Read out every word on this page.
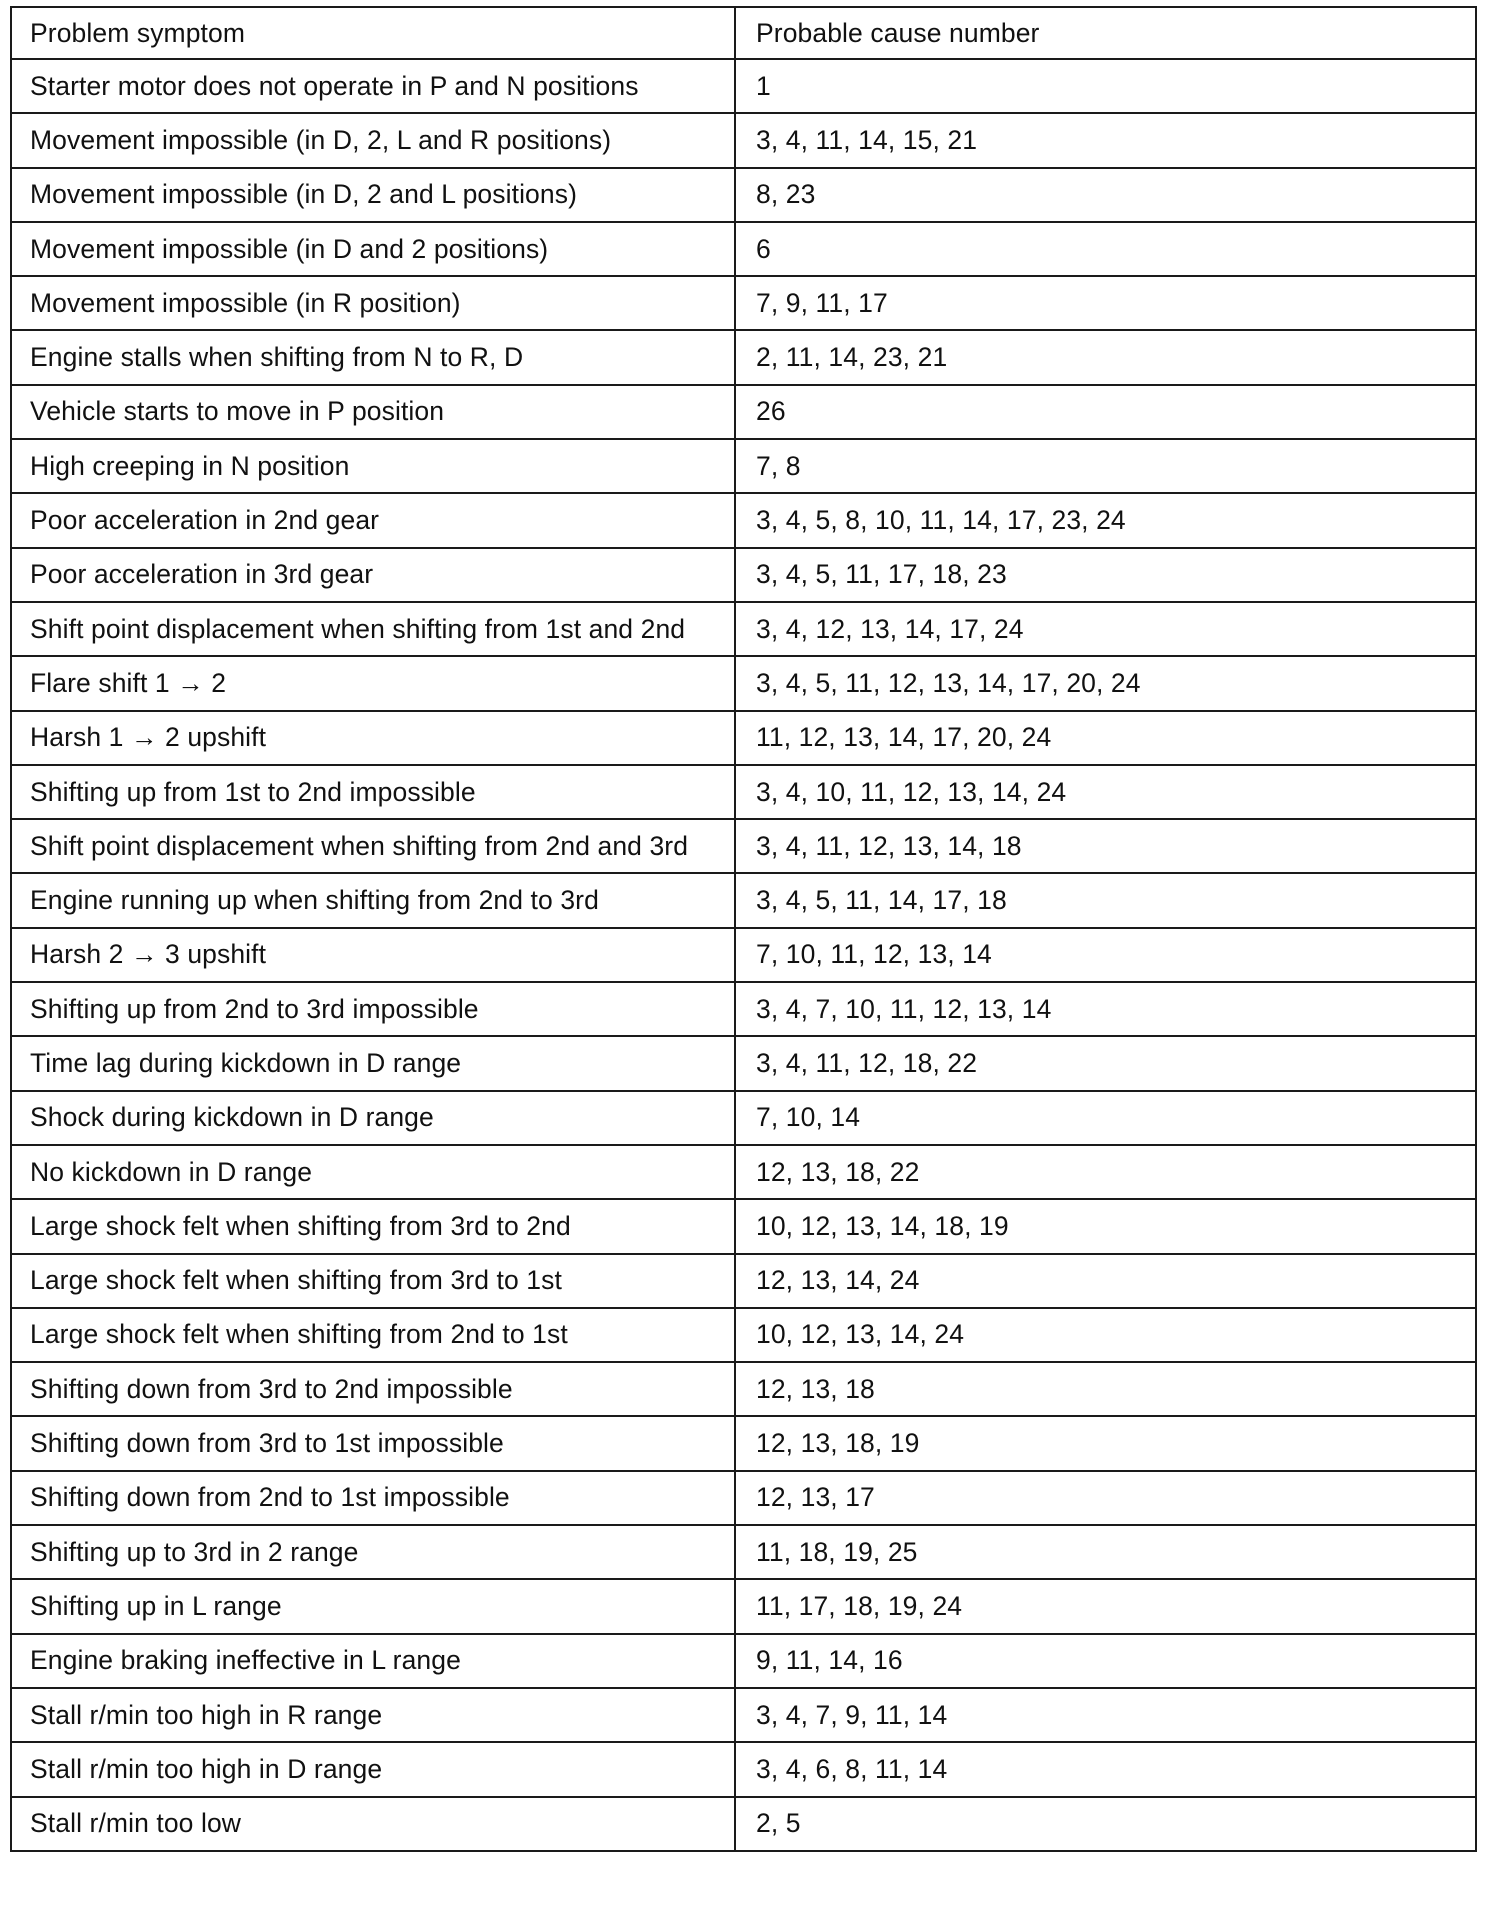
Problem symptom	Probable cause number
Starter motor does not operate in P and N positions	1
Movement impossible (in D, 2, L and R positions)	3, 4, 11, 14, 15, 21
Movement impossible (in D, 2 and L positions)	8, 23
Movement impossible (in D and 2 positions)	6
Movement impossible (in R position)	7, 9, 11, 17
Engine stalls when shifting from N to R, D	2, 11, 14, 23, 21
Vehicle starts to move in P position	26
High creeping in N position	7, 8
Poor acceleration in 2nd gear	3, 4, 5, 8, 10, 11, 14, 17, 23, 24
Poor acceleration in 3rd gear	3, 4, 5, 11, 17, 18, 23
Shift point displacement when shifting from 1st and 2nd	3, 4, 12, 13, 14, 17, 24
Flare shift 1 → 2	3, 4, 5, 11, 12, 13, 14, 17, 20, 24
Harsh 1 → 2 upshift	11, 12, 13, 14, 17, 20, 24
Shifting up from 1st to 2nd impossible	3, 4, 10, 11, 12, 13, 14, 24
Shift point displacement when shifting from 2nd and 3rd	3, 4, 11, 12, 13, 14, 18
Engine running up when shifting from 2nd to 3rd	3, 4, 5, 11, 14, 17, 18
Harsh 2 → 3 upshift	7, 10, 11, 12, 13, 14
Shifting up from 2nd to 3rd impossible	3, 4, 7, 10, 11, 12, 13, 14
Time lag during kickdown in D range	3, 4, 11, 12, 18, 22
Shock during kickdown in D range	7, 10, 14
No kickdown in D range	12, 13, 18, 22
Large shock felt when shifting from 3rd to 2nd	10, 12, 13, 14, 18, 19
Large shock felt when shifting from 3rd to 1st	12, 13, 14, 24
Large shock felt when shifting from 2nd to 1st	10, 12, 13, 14, 24
Shifting down from 3rd to 2nd impossible	12, 13, 18
Shifting down from 3rd to 1st impossible	12, 13, 18, 19
Shifting down from 2nd to 1st impossible	12, 13, 17
Shifting up to 3rd in 2 range	11, 18, 19, 25
Shifting up in L range	11, 17, 18, 19, 24
Engine braking ineffective in L range	9, 11, 14, 16
Stall r/min too high in R range	3, 4, 7, 9, 11, 14
Stall r/min too high in D range	3, 4, 6, 8, 11, 14
Stall r/min too low	2, 5
